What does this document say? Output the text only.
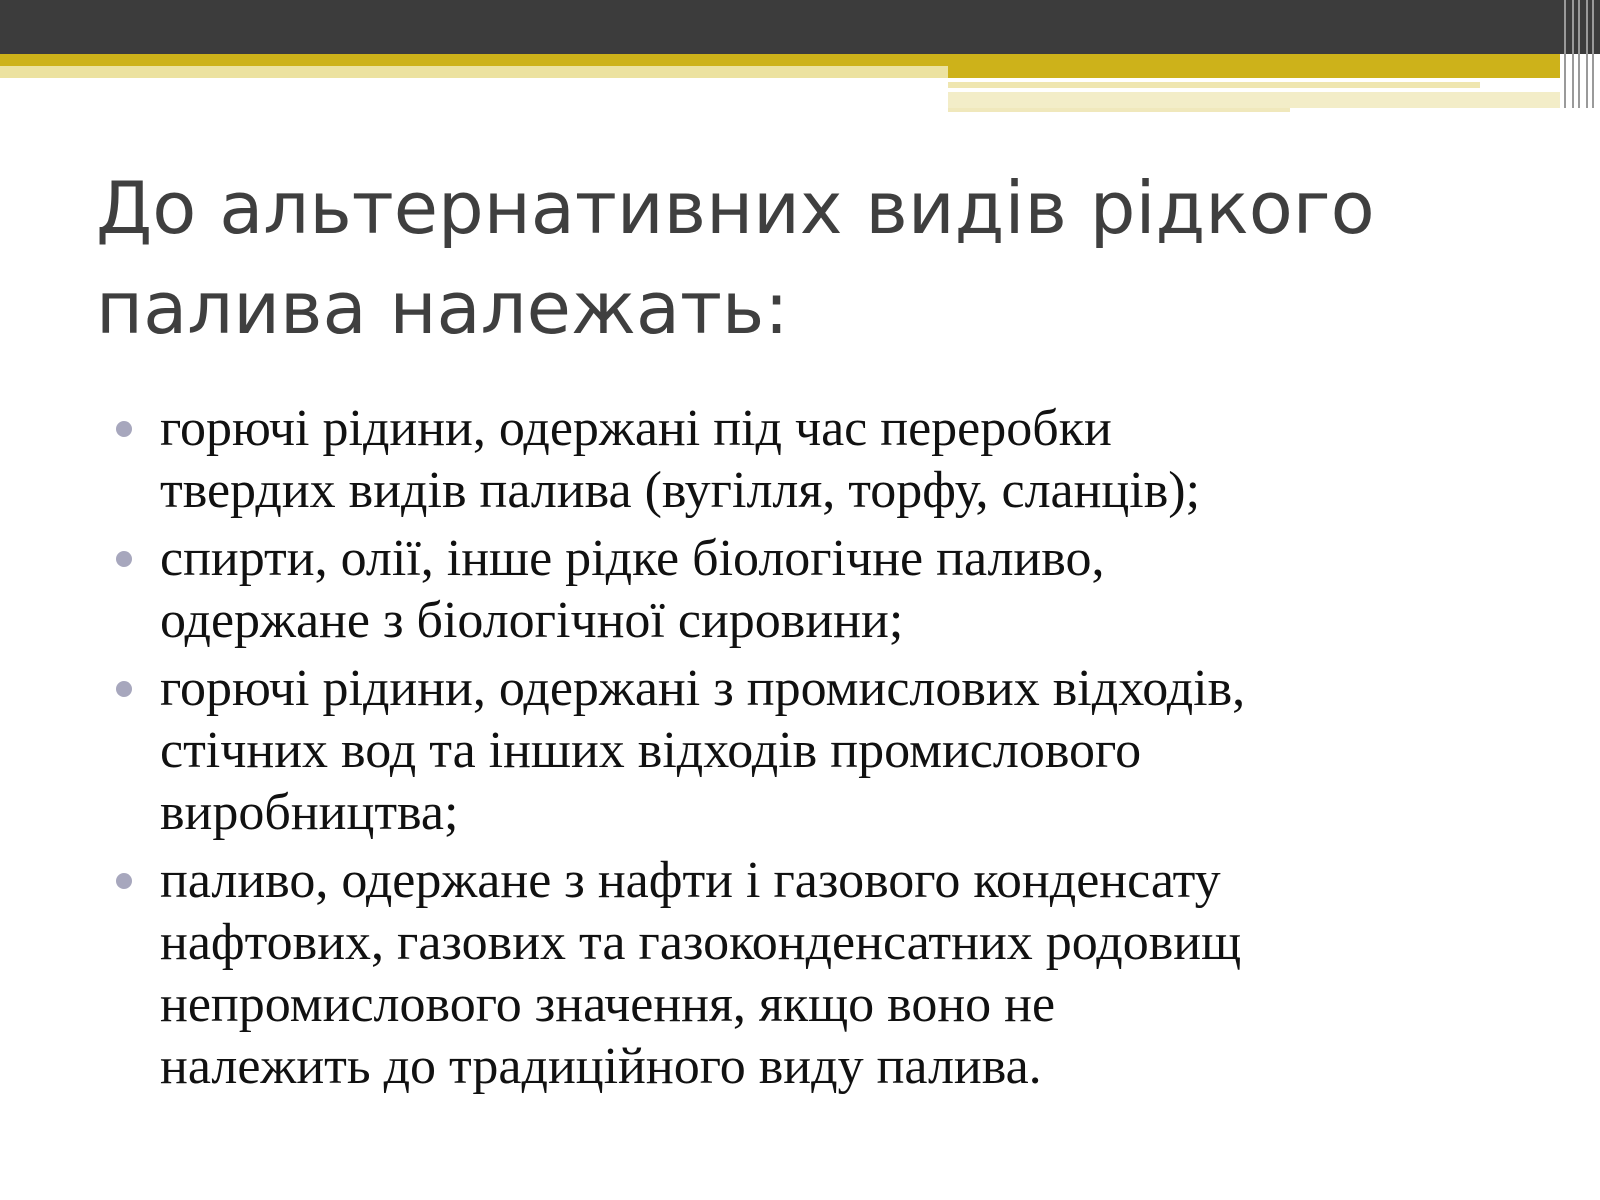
До альтернативних видів рідкого
палива належать:
горючі рідини, одержані під час переробки
твердих видів палива (вугілля, торфу, сланців);
спирти, олії, інше рідке біологічне паливо,
одержане з біологічної сировини;
горючі рідини, одержані з промислових відходів,
стічних вод та інших відходів промислового
виробництва;
паливо, одержане з нафти і газового конденсату
нафтових, газових та газоконденсатних родовищ
непромислового значення, якщо воно не
належить до традиційного виду палива.
